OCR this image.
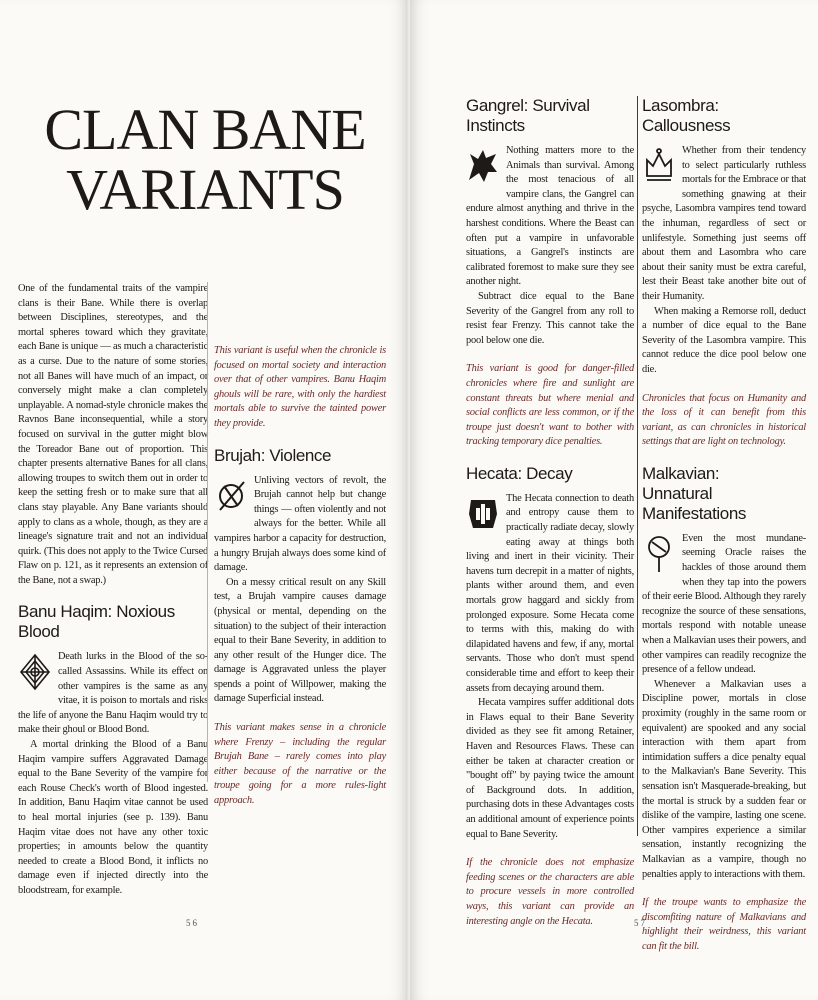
CLAN BANE
VARIANTS

One of the fundamental traits of the vampire clans is their Bane. While there is overlap between Disciplines, stereotypes, and the mortal spheres toward which they gravitate, each Bane is unique — as much a characteristic as a curse. Due to the nature of some stories, not all Banes will have much of an impact, or conversely might make a clan completely unplayable. A nomad-style chronicle makes the Ravnos Bane inconsequential, while a story focused on survival in the gutter might blow the Toreador Bane out of proportion. This chapter presents alternative Banes for all clans, allowing troupes to switch them out in order to keep the setting fresh or to make sure that all clans stay playable. Any Bane variants should apply to clans as a whole, though, as they are a lineage's signature trait and not an individual quirk. (This does not apply to the Twice Cursed Flaw on p. 121, as it represents an extension of the Bane, not a swap.)

Banu Haqim: Noxious Blood

Death lurks in the Blood of the so-called Assassins. While its effect on other vampires is the same as any vitae, it is poison to mortals and risks the life of anyone the Banu Haqim would try to make their ghoul or Blood Bond.

A mortal drinking the Blood of a Banu Haqim vampire suffers Aggravated Damage equal to the Bane Severity of the vampire for each Rouse Check's worth of Blood ingested. In addition, Banu Haqim vitae cannot be used to heal mortal injuries (see p. 139). Banu Haqim vitae does not have any other toxic properties; in amounts below the quantity needed to create a Blood Bond, it inflicts no damage even if injected directly into the bloodstream, for example.

This variant is useful when the chronicle is focused on mortal society and interaction over that of other vampires. Banu Haqim ghouls will be rare, with only the hardiest mortals able to survive the tainted power they provide.

Brujah: Violence

Unliving vectors of revolt, the Brujah cannot help but change things — often violently and not always for the better. While all vampires harbor a capacity for destruction, a hungry Brujah always does some kind of damage.

On a messy critical result on any Skill test, a Brujah vampire causes damage (physical or mental, depending on the situation) to the subject of their interaction equal to their Bane Severity, in addition to any other result of the Hunger dice. The damage is Aggravated unless the player spends a point of Willpower, making the damage Superficial instead.

This variant makes sense in a chronicle where Frenzy – including the regular Brujah Bane – rarely comes into play either because of the narrative or the troupe going for a more rules-light approach.

56
Gangrel: Survival Instincts

Nothing matters more to the Animals than survival. Among the most tenacious of all vampire clans, the Gangrel can endure almost anything and thrive in the harshest conditions. Where the Beast can often put a vampire in unfavorable situations, a Gangrel's instincts are calibrated foremost to make sure they see another night.

Subtract dice equal to the Bane Severity of the Gangrel from any roll to resist fear Frenzy. This cannot take the pool below one die.

This variant is good for danger-filled chronicles where fire and sunlight are constant threats but where menial and social conflicts are less common, or if the troupe just doesn't want to bother with tracking temporary dice penalties.

Hecata: Decay

The Hecata connection to death and entropy cause them to practically radiate decay, slowly eating away at things both living and inert in their vicinity. Their havens turn decrepit in a matter of nights, plants wither around them, and even mortals grow haggard and sickly from prolonged exposure. Some Hecata come to terms with this, making do with dilapidated havens and few, if any, mortal servants. Those who don't must spend considerable time and effort to keep their assets from decaying around them.

Hecata vampires suffer additional dots in Flaws equal to their Bane Severity divided as they see fit among Retainer, Haven and Resources Flaws. These can either be taken at character creation or "bought off" by paying twice the amount of Background dots. In addition, purchasing dots in these Advantages costs an additional amount of experience points equal to Bane Severity.

If the chronicle does not emphasize feeding scenes or the characters are able to procure vessels in more controlled ways, this variant can provide an interesting angle on the Hecata.

Lasombra: Callousness

Whether from their tendency to select particularly ruthless mortals for the Embrace or that something gnawing at their psyche, Lasombra vampires tend toward the inhuman, regardless of sect or unlifestyle. Something just seems off about them and Lasombra who care about their sanity must be extra careful, lest their Beast take another bite out of their Humanity.

When making a Remorse roll, deduct a number of dice equal to the Bane Severity of the Lasombra vampire. This cannot reduce the dice pool below one die.

Chronicles that focus on Humanity and the loss of it can benefit from this variant, as can chronicles in historical settings that are light on technology.

Malkavian:
Unnatural Manifestations

Even the most mundane-seeming Oracle raises the hackles of those around them when they tap into the powers of their eerie Blood. Although they rarely recognize the source of these sensations, mortals respond with notable unease when a Malkavian uses their powers, and other vampires can readily recognize the presence of a fellow undead.

Whenever a Malkavian uses a Discipline power, mortals in close proximity (roughly in the same room or equivalent) are spooked and any social interaction with them apart from intimidation suffers a dice penalty equal to the Malkavian's Bane Severity. This sensation isn't Masquerade-breaking, but the mortal is struck by a sudden fear or dislike of the vampire, lasting one scene. Other vampires experience a similar sensation, instantly recognizing the Malkavian as a vampire, though no penalties apply to interactions with them.

If the troupe wants to emphasize the discomfiting nature of Malkavians and highlight their weirdness, this variant can fit the bill.

57
